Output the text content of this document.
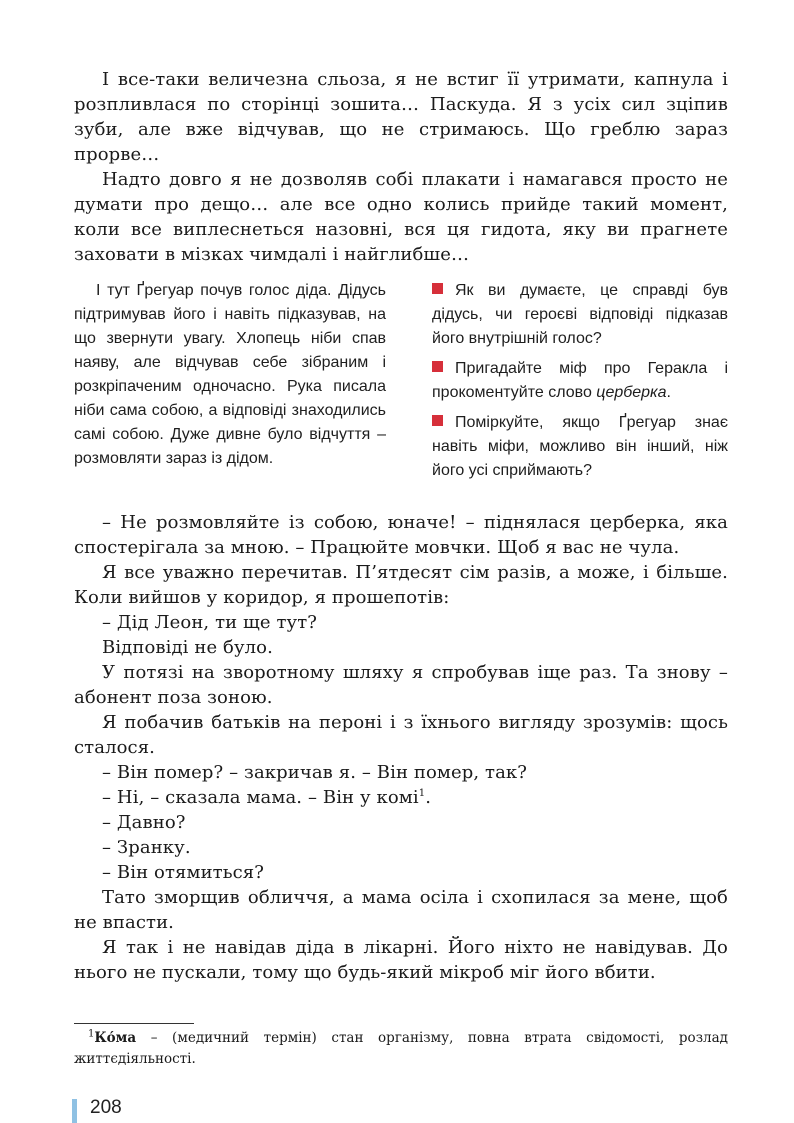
І все-таки величезна сльоза, я не встиг її утримати, капнула і розпливлася по сторінці зошита… Паскуда. Я з усіх сил зціпив зуби, але вже відчував, що не стримаюсь. Що греблю зараз прорве…

Надто довго я не дозволяв собі плакати і намагався просто не думати про дещо… але все одно колись прийде такий момент, коли все виплеснеться назовні, вся ця гидота, яку ви прагнете заховати в мізках чимдалі і найглибше…

І тут Ґрегуар почув голос діда. Дідусь підтримував його і навіть підказував, на що звернути увагу. Хлопець ніби спав наяву, але відчував себе зібраним і розкріпаченим одночасно. Рука писала ніби сама собою, а відповіді знаходились самі собою. Дуже дивне було відчуття – розмовляти зараз із дідом.

Як ви думаєте, це справді був дідусь, чи героєві відповіді підказав його внутрішній голос?

Пригадайте міф про Геракла і прокоментуйте слово церберка.

Поміркуйте, якщо Ґрегуар знає навіть міфи, можливо він інший, ніж його усі сприймають?

– Не розмовляйте із собою, юначе! – піднялася церберка, яка спостерігала за мною. – Працюйте мовчки. Щоб я вас не чула.

Я все уважно перечитав. П’ятдесят сім разів, а може, і більше. Коли вийшов у коридор, я прошепотів:

– Дід Леон, ти ще тут?

Відповіді не було.

У потязі на зворотному шляху я спробував іще раз. Та знову – абонент поза зоною.

Я побачив батьків на пероні і з їхнього вигляду зрозумів: щось сталося.

– Він помер? – закричав я. – Він помер, так?

– Ні, – сказала мама. – Він у комі$^1$.

– Давно?

– Зранку.

– Він отямиться?

Тато зморщив обличчя, а мама осіла і схопилася за мене, щоб не впасти.

Я так і не навідав діда в лікарні. Його ніхто не навідував. До нього не пускали, тому що будь-який мікроб міг його вбити.

$^1$Ко́ма – (медичний термін) стан організму, повна втрата свідомості, розлад життєдіяльності.
208
